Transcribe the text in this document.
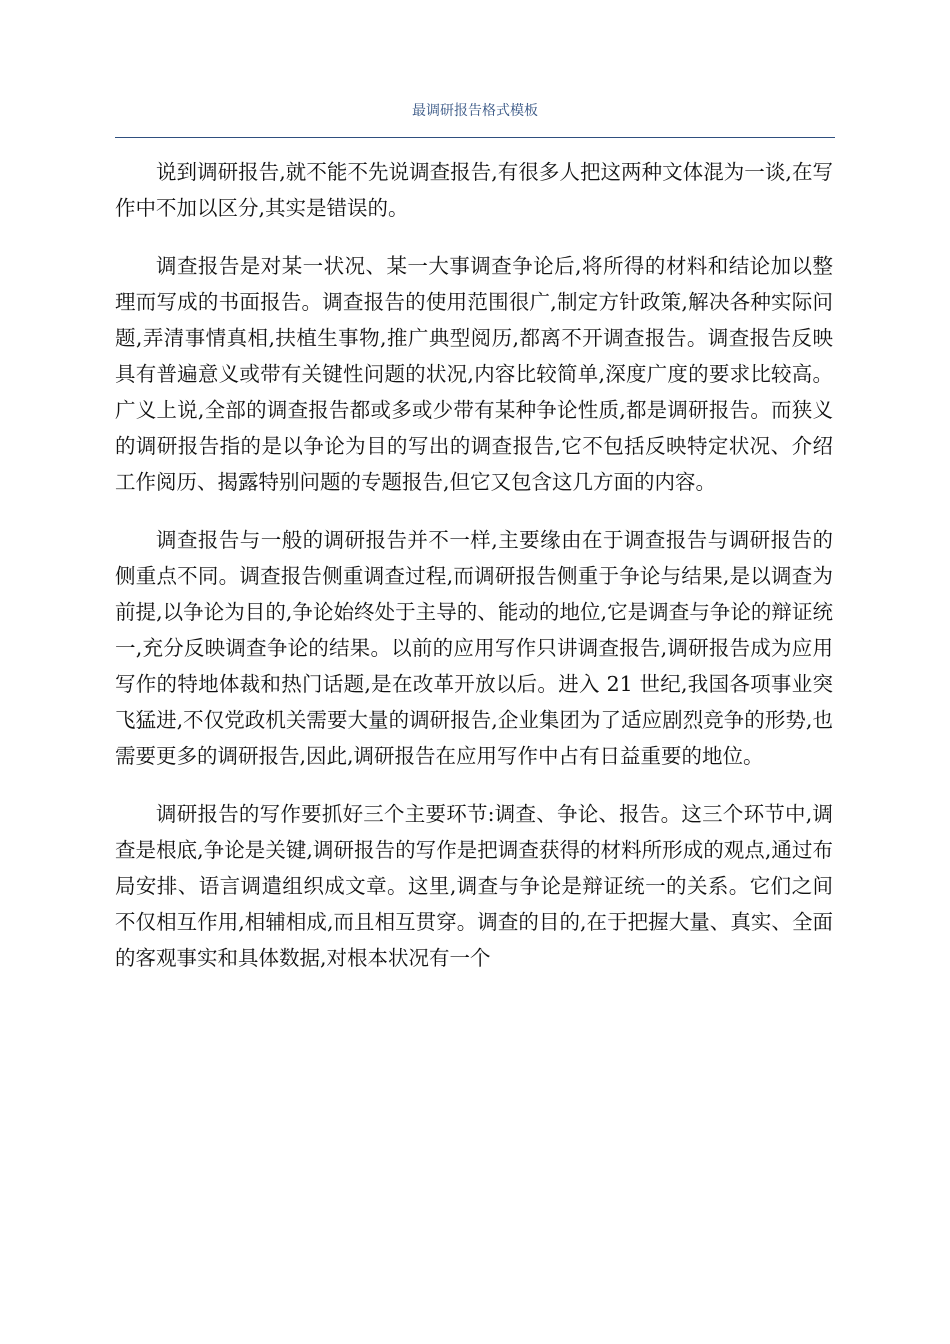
最调研报告格式模板

说到调研报告,就不能不先说调查报告,有很多人把这两种文体混为一谈,在写作中不加以区分,其实是错误的。

调查报告是对某一状况、某一大事调查争论后,将所得的材料和结论加以整理而写成的书面报告。调查报告的使用范围很广,制定方针政策,解决各种实际问题,弄清事情真相,扶植生事物,推广典型阅历,都离不开调查报告。调查报告反映具有普遍意义或带有关键性问题的状况,内容比较简单,深度广度的要求比较高。广义上说,全部的调查报告都或多或少带有某种争论性质,都是调研报告。而狭义的调研报告指的是以争论为目的写出的调查报告,它不包括反映特定状况、介绍工作阅历、揭露特别问题的专题报告,但它又包含这几方面的内容。

调查报告与一般的调研报告并不一样,主要缘由在于调查报告与调研报告的侧重点不同。调查报告侧重调查过程,而调研报告侧重于争论与结果,是以调查为前提,以争论为目的,争论始终处于主导的、能动的地位,它是调查与争论的辩证统一,充分反映调查争论的结果。以前的应用写作只讲调查报告,调研报告成为应用写作的特地体裁和热门话题,是在改革开放以后。进入 21 世纪,我国各项事业突飞猛进,不仅党政机关需要大量的调研报告,企业集团为了适应剧烈竞争的形势,也需要更多的调研报告,因此,调研报告在应用写作中占有日益重要的地位。

调研报告的写作要抓好三个主要环节:调查、争论、报告。这三个环节中,调查是根底,争论是关键,调研报告的写作是把调查获得的材料所形成的观点,通过布局安排、语言调遣组织成文章。这里,调查与争论是辩证统一的关系。它们之间不仅相互作用,相辅相成,而且相互贯穿。调查的目的,在于把握大量、真实、全面的客观事实和具体数据,对根本状况有一个
